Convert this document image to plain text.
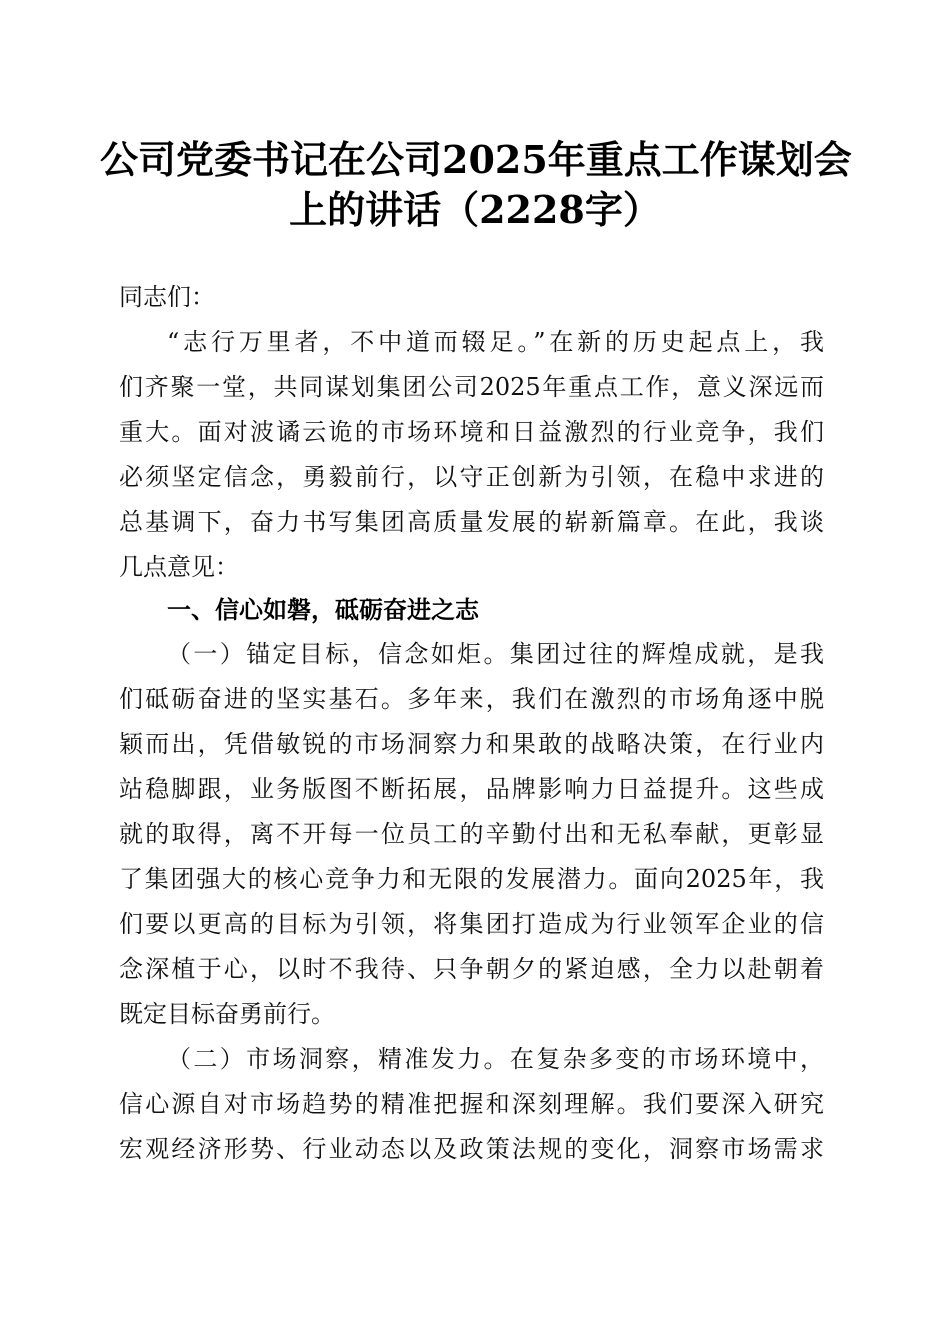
公司党委书记在公司2025年重点工作谋划会
上的讲话（2228字）

同志们：

“志行万里者，不中道而辍足。”在新的历史起点上，我

们齐聚一堂，共同谋划集团公司2025年重点工作，意义深远而

重大。面对波谲云诡的市场环境和日益激烈的行业竞争，我们

必须坚定信念，勇毅前行，以守正创新为引领，在稳中求进的

总基调下，奋力书写集团高质量发展的崭新篇章。在此，我谈

几点意见：

一、信心如磐，砥砺奋进之志

（一）锚定目标，信念如炬。集团过往的辉煌成就，是我

们砥砺奋进的坚实基石。多年来，我们在激烈的市场角逐中脱

颖而出，凭借敏锐的市场洞察力和果敢的战略决策，在行业内

站稳脚跟，业务版图不断拓展，品牌影响力日益提升。这些成

就的取得，离不开每一位员工的辛勤付出和无私奉献，更彰显

了集团强大的核心竞争力和无限的发展潜力。面向2025年，我

们要以更高的目标为引领，将集团打造成为行业领军企业的信

念深植于心，以时不我待、只争朝夕的紧迫感，全力以赴朝着

既定目标奋勇前行。

（二）市场洞察，精准发力。在复杂多变的市场环境中，

信心源自对市场趋势的精准把握和深刻理解。我们要深入研究

宏观经济形势、行业动态以及政策法规的变化，洞察市场需求
